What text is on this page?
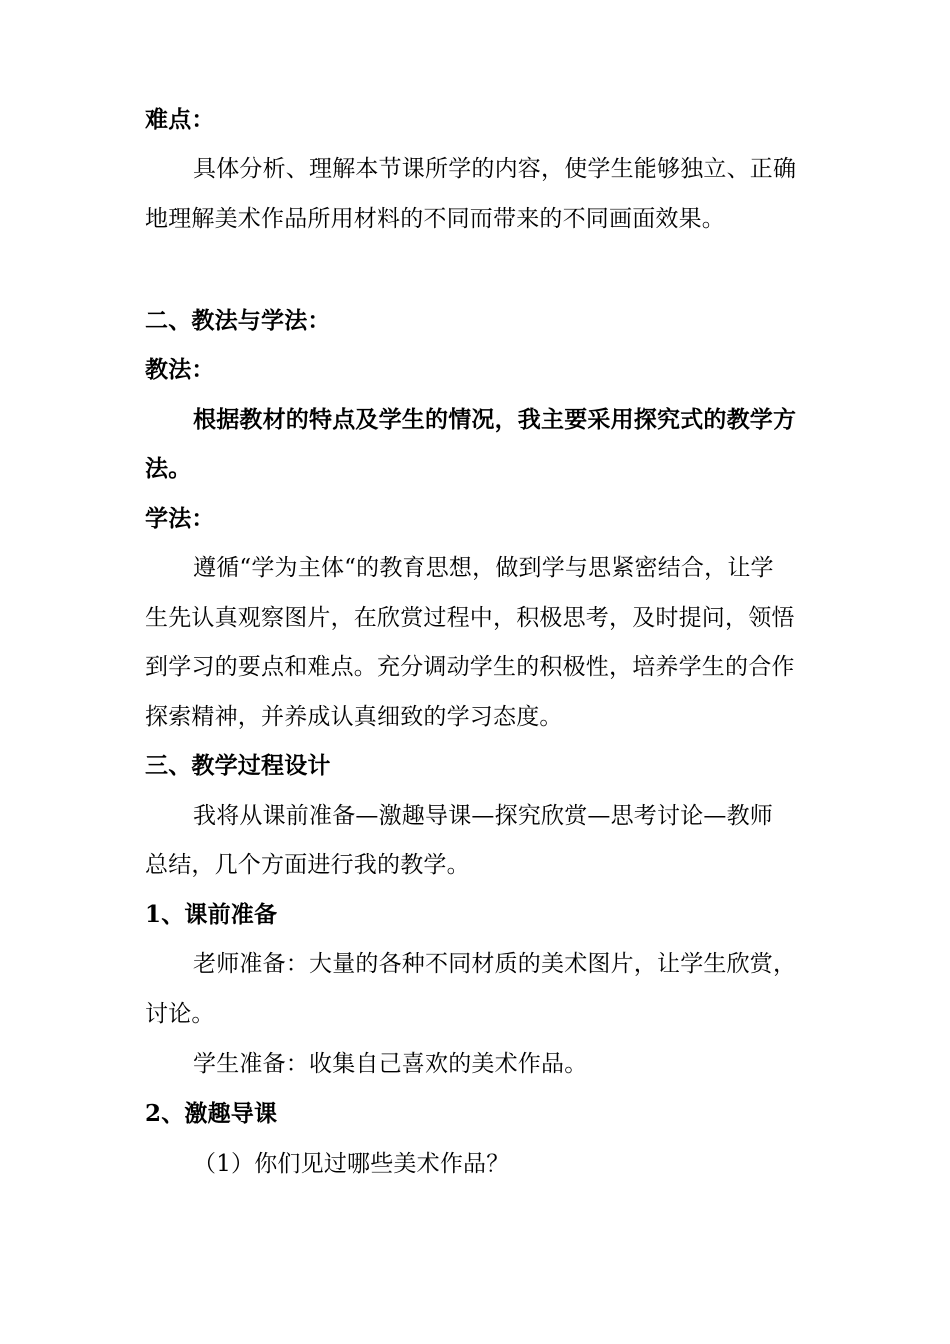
难点：
具体分析、理解本节课所学的内容，使学生能够独立、正确
地理解美术作品所用材料的不同而带来的不同画面效果。
二、教法与学法：
教法：
根据教材的特点及学生的情况，我主要采用探究式的教学方
法。
学法：
遵循“学为主体“的教育思想，做到学与思紧密结合，让学
生先认真观察图片，在欣赏过程中，积极思考，及时提问，领悟
到学习的要点和难点。充分调动学生的积极性，培养学生的合作
探索精神，并养成认真细致的学习态度。
三、教学过程设计
我将从课前准备—激趣导课—探究欣赏—思考讨论—教师
总结，几个方面进行我的教学。
1、课前准备
老师准备：大量的各种不同材质的美术图片，让学生欣赏，
讨论。
学生准备：收集自己喜欢的美术作品。
2、激趣导课
（1）你们见过哪些美术作品？
